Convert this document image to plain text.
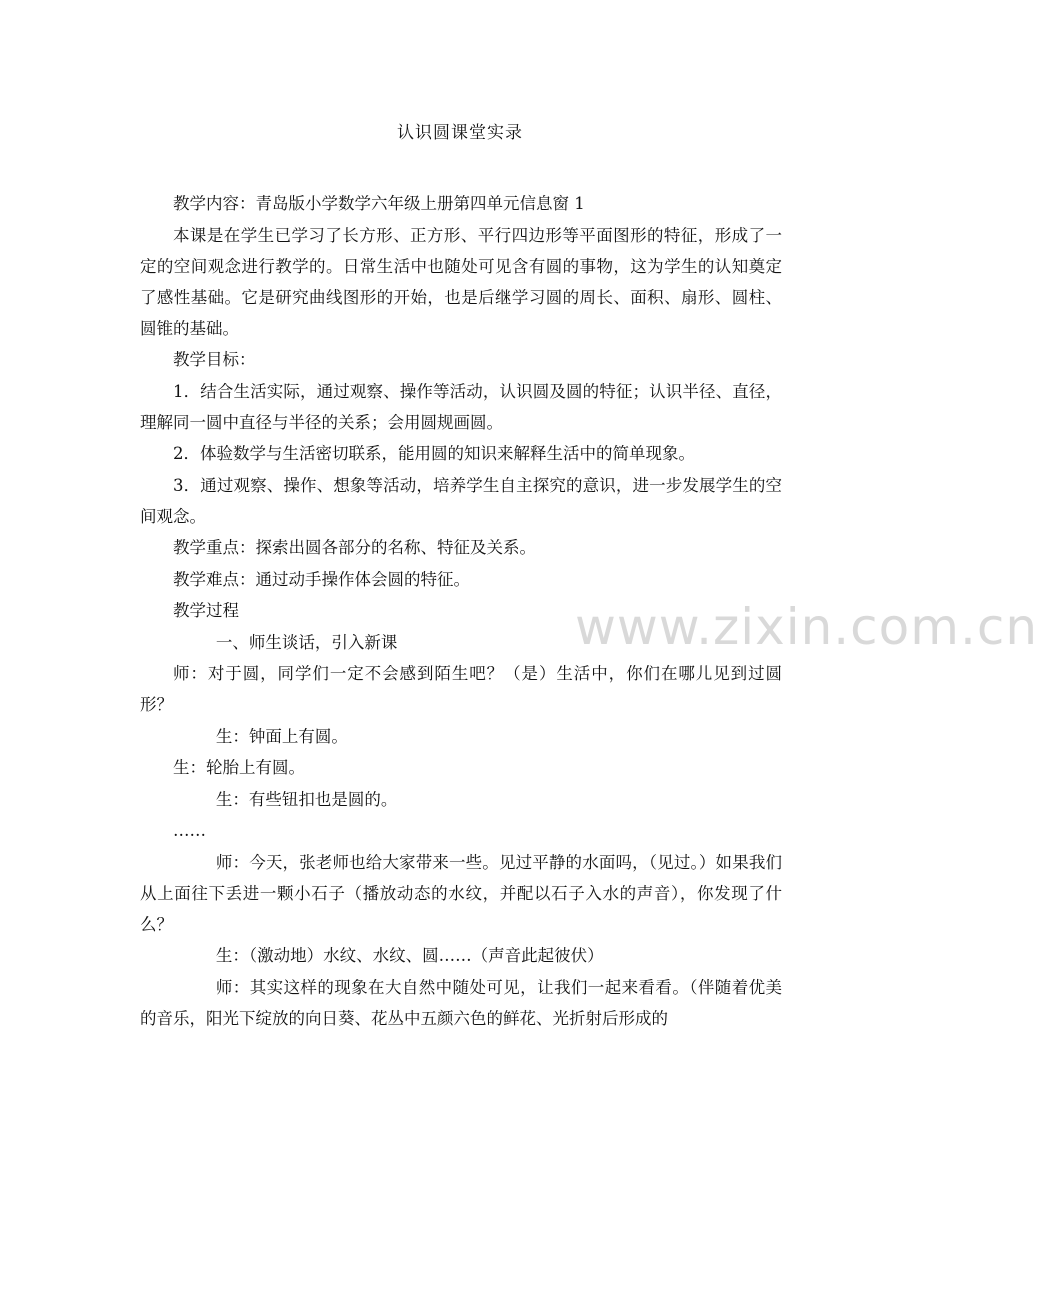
www.zixin.com.cn
认识圆课堂实录

教学内容：青岛版小学数学六年级上册第四单元信息窗 1

本课是在学生已学习了长方形、正方形、平行四边形等平面图形的特征，形成了一定的空间观念进行教学的。日常生活中也随处可见含有圆的事物，这为学生的认知奠定了感性基础。它是研究曲线图形的开始，也是后继学习圆的周长、面积、扇形、圆柱、圆锥的基础。

教学目标：

1．结合生活实际，通过观察、操作等活动，认识圆及圆的特征；认识半径、直径，理解同一圆中直径与半径的关系；会用圆规画圆。

2．体验数学与生活密切联系，能用圆的知识来解释生活中的简单现象。

3．通过观察、操作、想象等活动，培养学生自主探究的意识，进一步发展学生的空间观念。

教学重点：探索出圆各部分的名称、特征及关系。

教学难点：通过动手操作体会圆的特征。

教学过程

一、师生谈话，引入新课

师：对于圆，同学们一定不会感到陌生吧？（是）生活中，你们在哪儿见到过圆形？

生：钟面上有圆。

生：轮胎上有圆。

生：有些钮扣也是圆的。

……

师：今天，张老师也给大家带来一些。见过平静的水面吗，（见过。）如果我们从上面往下丢进一颗小石子（播放动态的水纹，并配以石子入水的声音），你发现了什么？

生：（激动地）水纹、水纹、圆……（声音此起彼伏）

师：其实这样的现象在大自然中随处可见，让我们一起来看看。（伴随着优美的音乐，阳光下绽放的向日葵、花丛中五颜六色的鲜花、光折射后形成的
